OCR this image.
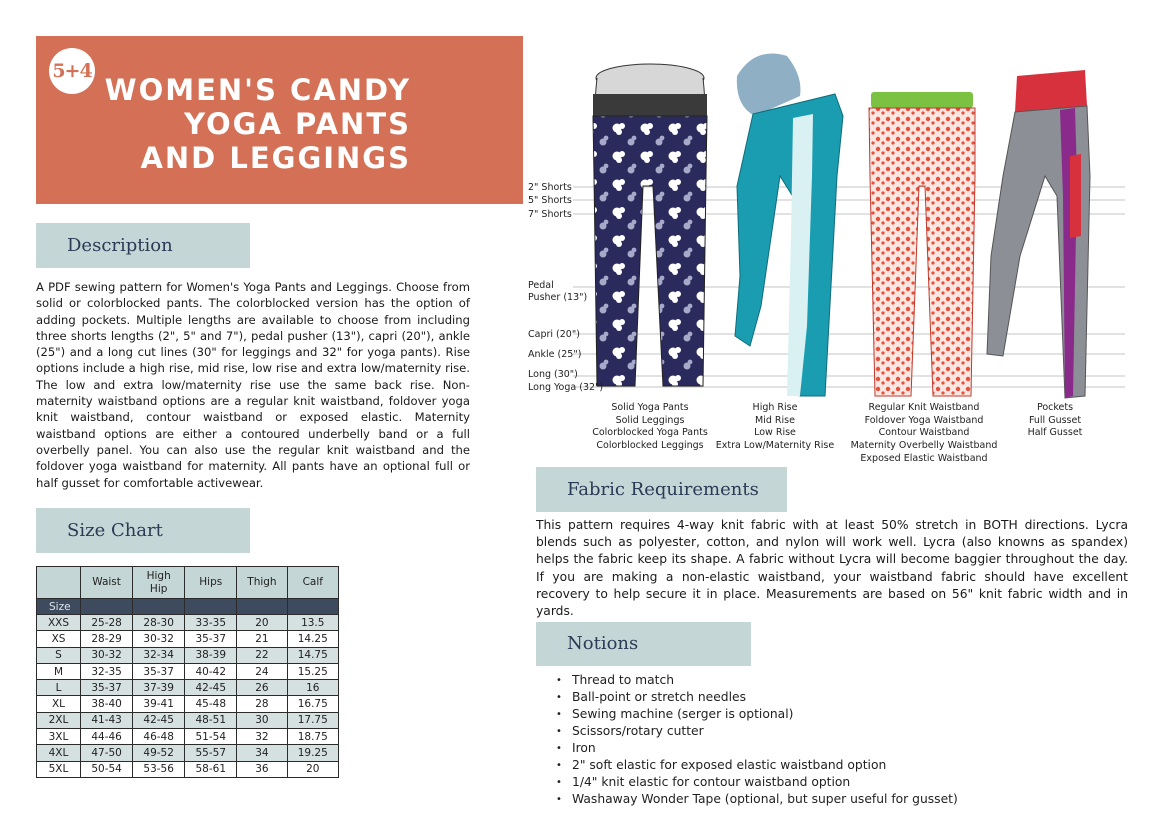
5+4
WOMEN'S CANDY
YOGA PANTS
AND LEGGINGS
Description

A PDF sewing pattern for Women's Yoga Pants and Leggings. Choose from solid or colorblocked pants. The colorblocked version has the option of adding pockets. Multiple lengths are available to choose from including three shorts lengths (2", 5" and 7"), pedal pusher (13"), capri (20"), ankle (25") and a long cut lines (30" for leggings and 32" for yoga pants). Rise options include a high rise, mid rise, low rise and extra low/maternity rise. The low and extra low/maternity rise use the same back rise. Non-maternity waistband options are a regular knit waistband, foldover yoga knit waistband, contour waistband or exposed elastic. Maternity waistband options are either a contoured underbelly band or a full overbelly panel. You can also use the regular knit waistband and the foldover yoga waistband for maternity. All pants have an optional full or half gusset for comfortable activewear.

Size Chart
	Waist	High Hip	Hips	Thigh	Calf
Size					
XXS	25-28	28-30	33-35	20	13.5
XS	28-29	30-32	35-37	21	14.25
S	30-32	32-34	38-39	22	14.75
M	32-35	35-37	40-42	24	15.25
L	35-37	37-39	42-45	26	16
XL	38-40	39-41	45-48	28	16.75
2XL	41-43	42-45	48-51	30	17.75
3XL	44-46	46-48	51-54	32	18.75
4XL	47-50	49-52	55-57	34	19.25
5XL	50-54	53-56	58-61	36	20
2" Shorts
5" Shorts
7" Shorts
Pedal
Pusher (13")
Capri (20")
Ankle (25")
Long (30")
Long Yoga (32")
Solid Yoga Pants
Solid Leggings
Colorblocked Yoga Pants
Colorblocked Leggings
High Rise
Mid Rise
Low Rise
Extra Low/Maternity Rise
Regular Knit Waistband
Foldover Yoga Waistband
Contour Waistband
Maternity Overbelly Waistband
Exposed Elastic Waistband
Pockets
Full Gusset
Half Gusset
Fabric Requirements

This pattern requires 4-way knit fabric with at least 50% stretch in BOTH directions. Lycra blends such as polyester, cotton, and nylon will work well. Lycra (also knowns as spandex) helps the fabric keep its shape. A fabric without Lycra will become baggier throughout the day. If you are making a non-elastic waistband, your waistband fabric should have excellent recovery to help secure it in place. Measurements are based on 56" knit fabric width and in yards.

Notions
• Thread to match
• Ball-point or stretch needles
• Sewing machine (serger is optional)
• Scissors/rotary cutter
• Iron
• 2" soft elastic for exposed elastic waistband option
• 1/4" knit elastic for contour waistband option
• Washaway Wonder Tape (optional, but super useful for gusset)
